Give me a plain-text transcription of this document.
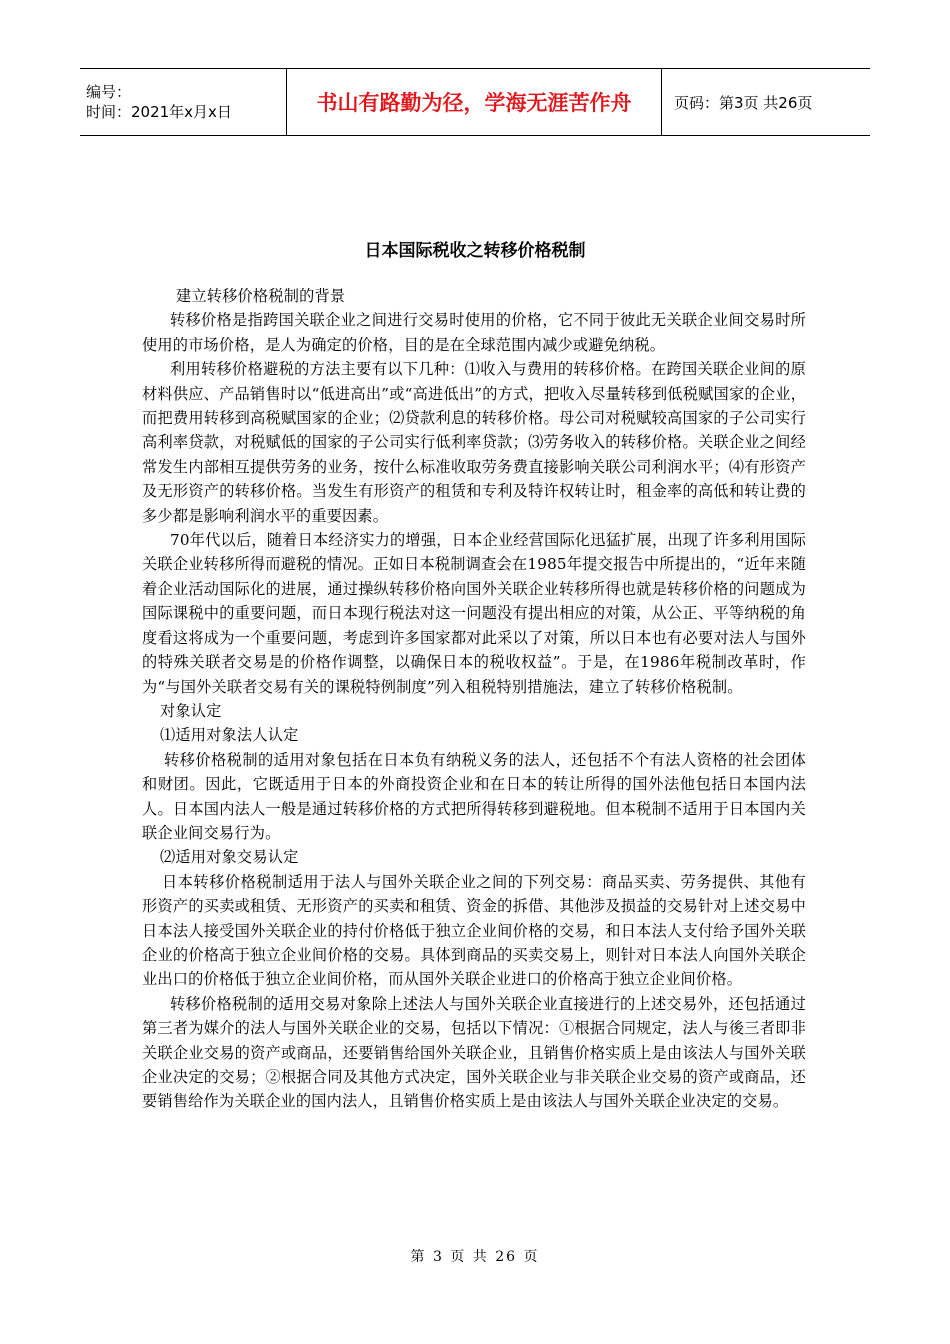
编号：
时间：2021年x月x日	书山有路勤为径，学海无涯苦作舟	页码：第3页 共26页
日本国际税收之转移价格税制

建立转移价格税制的背景

转移价格是指跨国关联企业之间进行交易时使用的价格，它不同于彼此无关联企业间交易时所使用的市场价格，是人为确定的价格，目的是在全球范围内减少或避免纳税。

利用转移价格避税的方法主要有以下几种：⑴收入与费用的转移价格。在跨国关联企业间的原材料供应、产品销售时以“低进高出”或“高进低出”的方式，把收入尽量转移到低税赋国家的企业，而把费用转移到高税赋国家的企业；⑵贷款利息的转移价格。母公司对税赋较高国家的子公司实行高利率贷款，对税赋低的国家的子公司实行低利率贷款；⑶劳务收入的转移价格。关联企业之间经常发生内部相互提供劳务的业务，按什么标准收取劳务费直接影响关联公司利润水平；⑷有形资产及无形资产的转移价格。当发生有形资产的租赁和专利及特许权转让时，租金率的高低和转让费的多少都是影响利润水平的重要因素。

70年代以后，随着日本经济实力的增强，日本企业经营国际化迅猛扩展，出现了许多利用国际关联企业转移所得而避税的情况。正如日本税制调查会在1985年提交报告中所提出的，“近年来随着企业活动国际化的进展，通过操纵转移价格向国外关联企业转移所得也就是转移价格的问题成为国际课税中的重要问题，而日本现行税法对这一问题没有提出相应的对策，从公正、平等纳税的角度看这将成为一个重要问题，考虑到许多国家都对此采以了对策，所以日本也有必要对法人与国外的特殊关联者交易是的价格作调整，以确保日本的税收权益”。于是，在1986年税制改革时，作为“与国外关联者交易有关的课税特例制度”列入租税特别措施法，建立了转移价格税制。

对象认定

⑴适用对象法人认定

转移价格税制的适用对象包括在日本负有纳税义务的法人，还包括不个有法人资格的社会团体和财团。因此，它既适用于日本的外商投资企业和在日本的转让所得的国外法他包括日本国内法人。日本国内法人一般是通过转移价格的方式把所得转移到避税地。但本税制不适用于日本国内关联企业间交易行为。

⑵适用对象交易认定

日本转移价格税制适用于法人与国外关联企业之间的下列交易：商品买卖、劳务提供、其他有形资产的买卖或租赁、无形资产的买卖和租赁、资金的拆借、其他涉及损益的交易针对上述交易中日本法人接受国外关联企业的持付价格低于独立企业间价格的交易，和日本法人支付给予国外关联企业的价格高于独立企业间价格的交易。具体到商品的买卖交易上，则针对日本法人向国外关联企业出口的价格低于独立企业间价格，而从国外关联企业进口的价格高于独立企业间价格。

转移价格税制的适用交易对象除上述法人与国外关联企业直接进行的上述交易外，还包括通过第三者为媒介的法人与国外关联企业的交易，包括以下情况：①根据合同规定，法人与後三者即非关联企业交易的资产或商品，还要销售给国外关联企业，且销售价格实质上是由该法人与国外关联企业决定的交易；②根据合同及其他方式决定，国外关联企业与非关联企业交易的资产或商品，还要销售给作为关联企业的国内法人，且销售价格实质上是由该法人与国外关联企业决定的交易。

第 3 页 共 26 页
